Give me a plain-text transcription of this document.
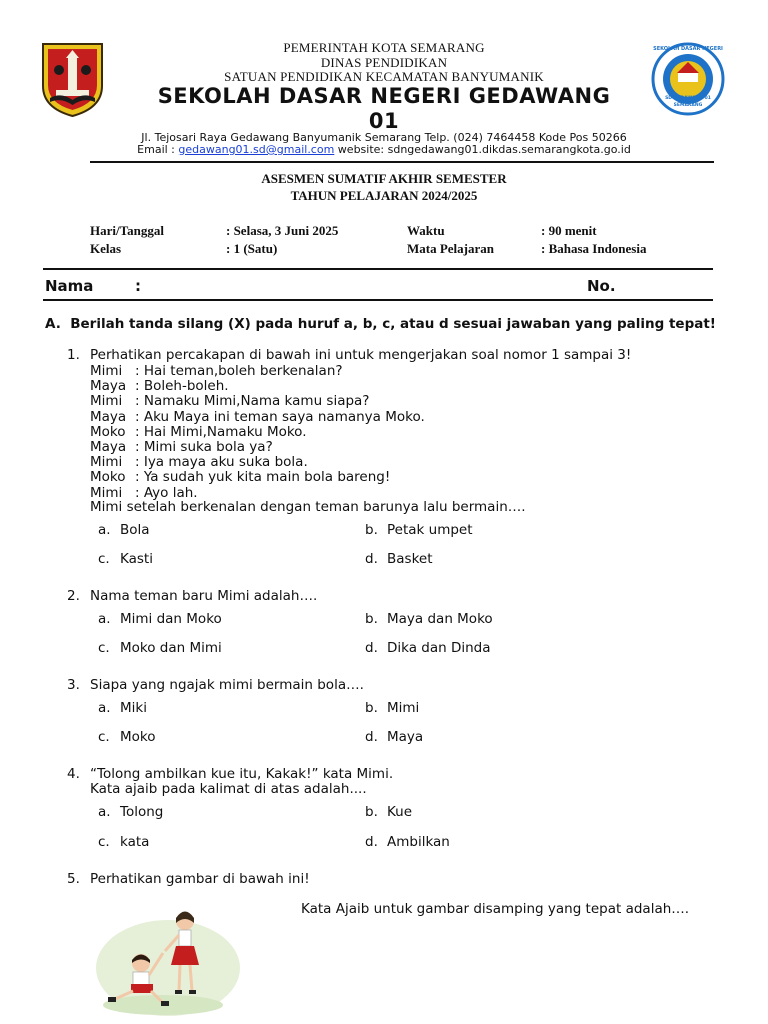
SEKOLAH DASAR NEGERI
SD GEDAWANG 01
SEMARANG
PEMERINTAH KOTA SEMARANG
DINAS PENDIDIKAN
SATUAN PENDIDIKAN KECAMATAN BANYUMANIK
SEKOLAH DASAR NEGERI GEDAWANG
01
Jl. Tejosari Raya Gedawang Banyumanik Semarang Telp. (024) 7464458 Kode Pos 50266
Email : gedawang01.sd@gmail.com website: sdngedawang01.dikdas.semarangkota.go.id
ASESMEN SUMATIF AKHIR SEMESTER
TAHUN PELAJARAN 2024/2025
Hari/Tanggal	: Selasa, 3 Juni 2025	Waktu	: 90 menit
Kelas	: 1 (Satu)	Mata Pelajaran	: Bahasa Indonesia
Nama	:	No.
A.  Berilah tanda silang (X) pada huruf a, b, c, atau d sesuai jawaban yang paling tepat!
1. Perhatikan percakapan di bawah ini untuk mengerjakan soal nomor 1 sampai 3!
Mimi : Hai teman,boleh berkenalan?
Maya : Boleh-boleh.
Mimi : Namaku Mimi,Nama kamu siapa?
Maya : Aku Maya ini teman saya namanya Moko.
Moko : Hai Mimi,Namaku Moko.
Maya : Mimi suka bola ya?
Mimi : Iya maya aku suka bola.
Moko : Ya sudah yuk kita main bola bareng!
Mimi : Ayo lah.
Mimi setelah berkenalan dengan teman barunya lalu bermain….
a. Bola	b. Petak umpet
c. Kasti	d. Basket
2. Nama teman baru Mimi adalah….
a. Mimi dan Moko	b. Maya dan Moko
c. Moko dan Mimi	d. Dika dan Dinda
3. Siapa yang ngajak mimi bermain bola….
a. Miki	b. Mimi
c. Moko	d. Maya
4. “Tolong ambilkan kue itu, Kakak!” kata Mimi.
Kata ajaib pada kalimat di atas adalah....
a. Tolong	b. Kue
c. kata	d. Ambilkan
5. Perhatikan gambar di bawah ini!
Kata Ajaib untuk gambar disamping yang tepat adalah….
